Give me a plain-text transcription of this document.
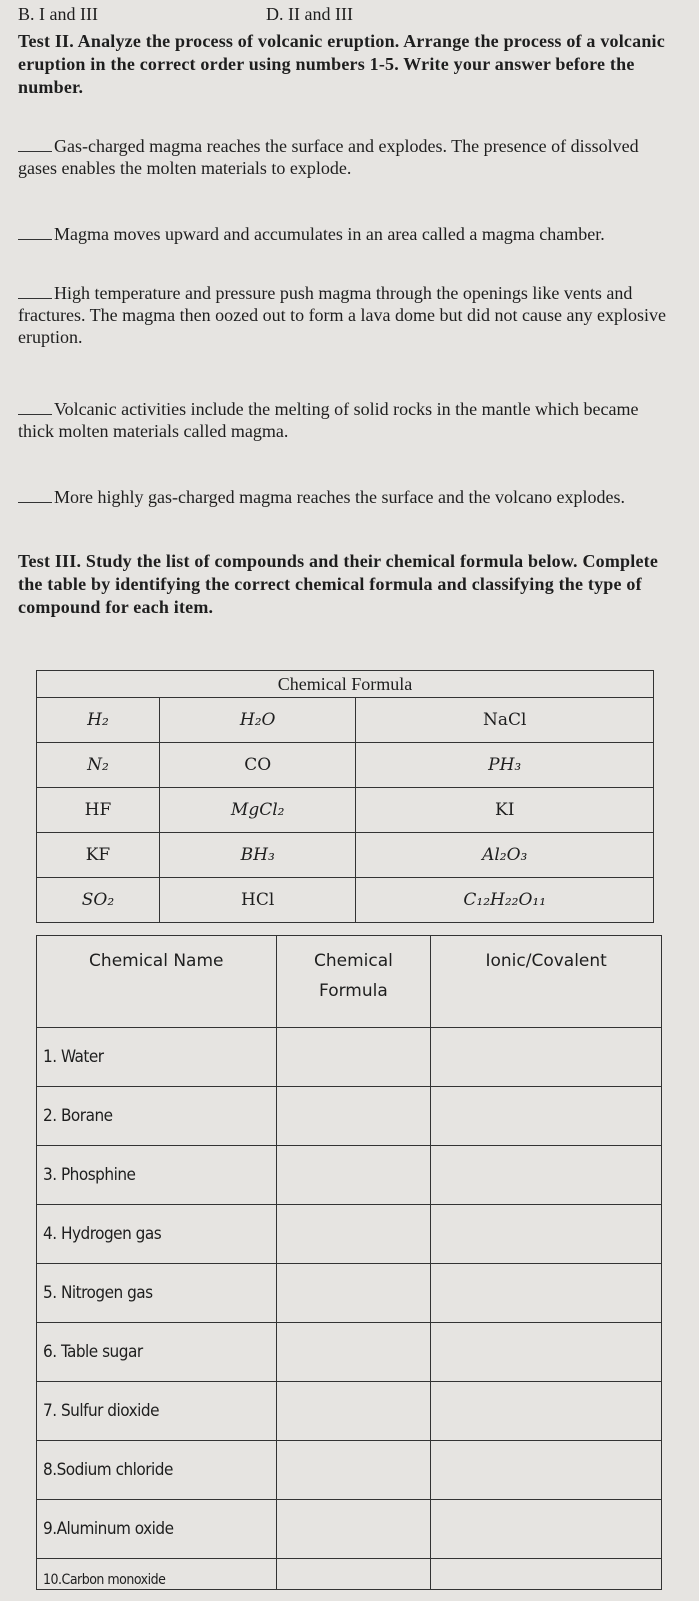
B. I and III	D. II and III
Test II. Analyze the process of volcanic eruption. Arrange the process of a volcanic eruption in the correct order using numbers 1-5. Write your answer before the number.
Gas-charged magma reaches the surface and explodes. The presence of dissolved gases enables the molten materials to explode.
Magma moves upward and accumulates in an area called a magma chamber.
High temperature and pressure push magma through the openings like vents and fractures. The magma then oozed out to form a lava dome but did not cause any explosive eruption.
Volcanic activities include the melting of solid rocks in the mantle which became thick molten materials called magma.
More highly gas-charged magma reaches the surface and the volcano explodes.
Test III. Study the list of compounds and their chemical formula below. Complete the table by identifying the correct chemical formula and classifying the type of compound for each item.
Chemical Formula		
H₂	H₂O	NaCl
N₂	CO	PH₃
HF	MgCl₂	KI
KF	BH₃	Al₂O₃
SO₂	HCl	C₁₂H₂₂O₁₁
Chemical Name	Chemical Formula	Ionic/Covalent
1. Water		
2. Borane		
3. Phosphine		
4. Hydrogen gas		
5. Nitrogen gas		
6. Table sugar		
7. Sulfur dioxide		
8.Sodium chloride		
9.Aluminum oxide		
10.Carbon monoxide		
